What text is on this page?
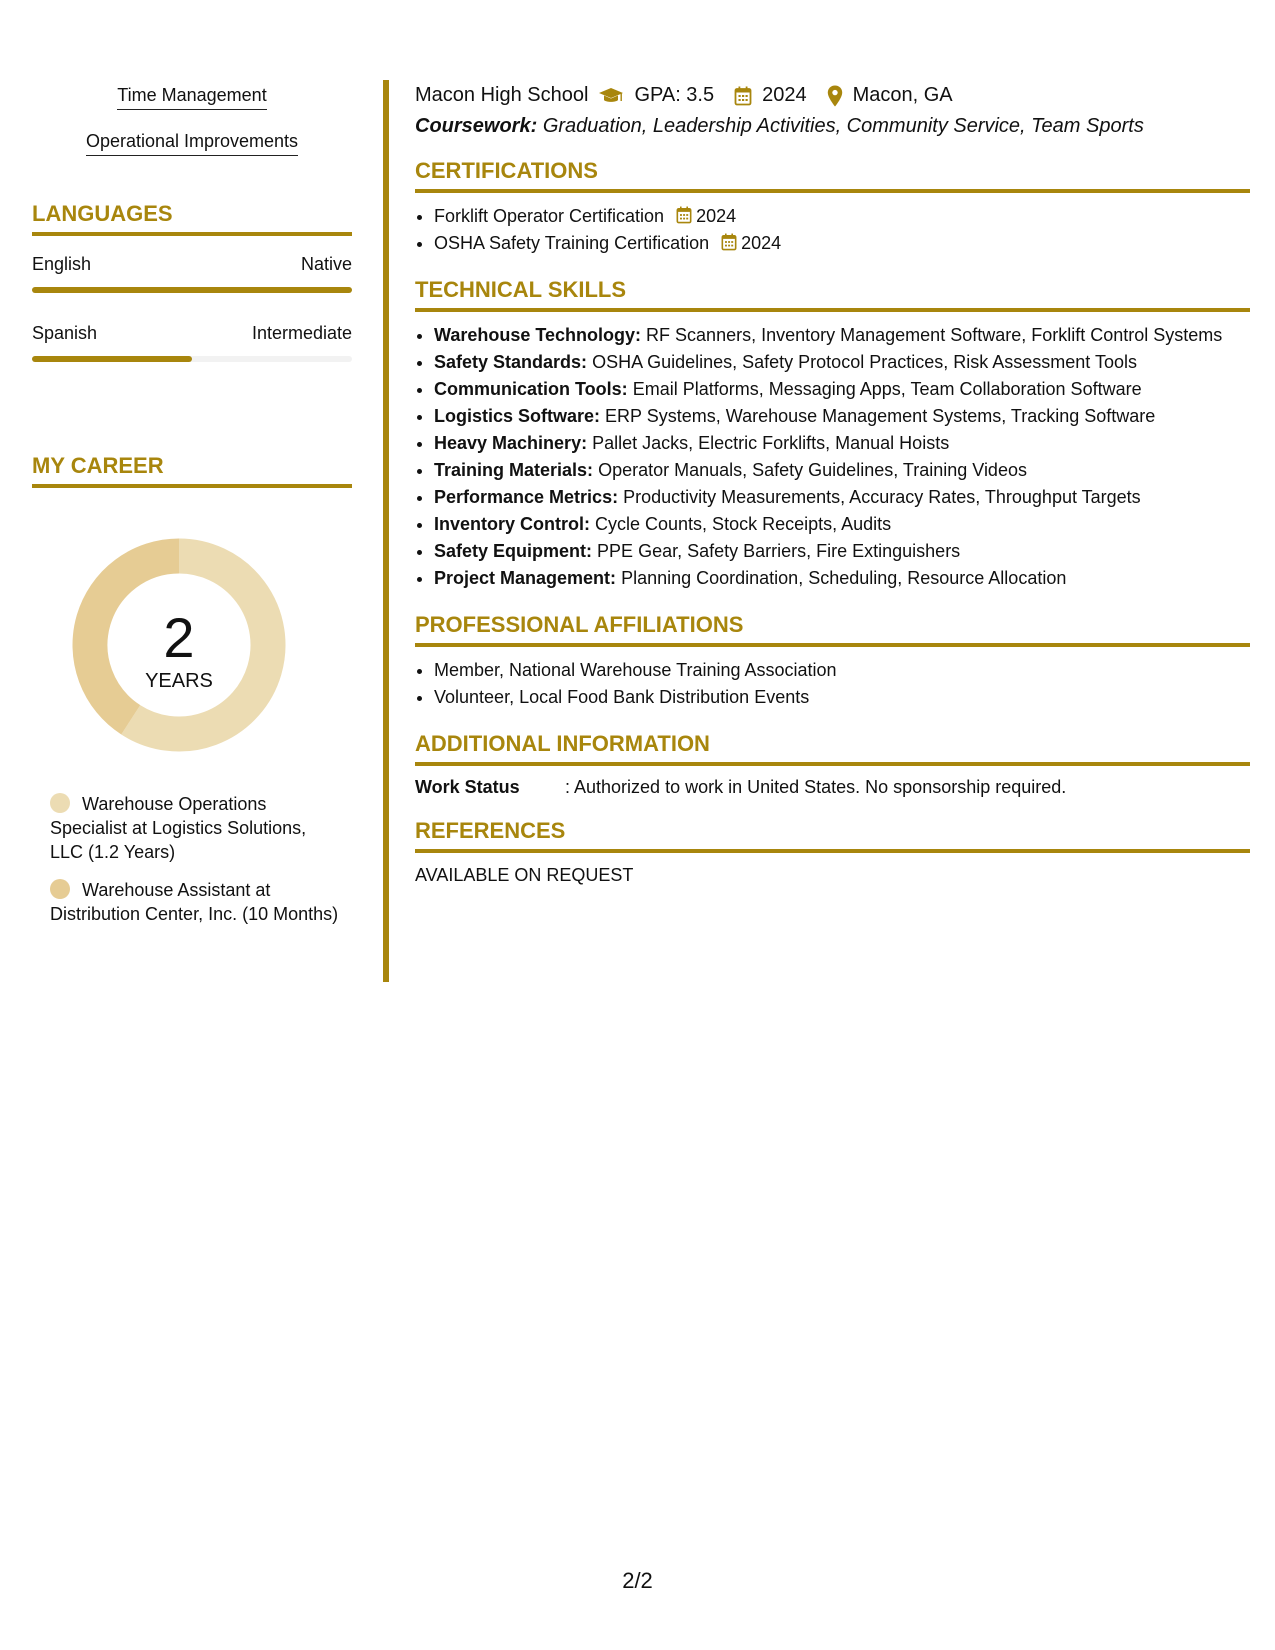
Time Management
Operational Improvements
LANGUAGES
English	Native
Spanish	Intermediate
MY CAREER
2
YEARS
Warehouse Operations Specialist at Logistics Solutions, LLC (1.2 Years)
Warehouse Assistant at Distribution Center, Inc. (10 Months)
Macon High School GPA: 3.5 2024 Macon, GA
Coursework: Graduation, Leadership Activities, Community Service, Team Sports
CERTIFICATIONS
• Forklift Operator Certification 2024
• OSHA Safety Training Certification 2024
TECHNICAL SKILLS
• Warehouse Technology: RF Scanners, Inventory Management Software, Forklift Control Systems
• Safety Standards: OSHA Guidelines, Safety Protocol Practices, Risk Assessment Tools
• Communication Tools: Email Platforms, Messaging Apps, Team Collaboration Software
• Logistics Software: ERP Systems, Warehouse Management Systems, Tracking Software
• Heavy Machinery: Pallet Jacks, Electric Forklifts, Manual Hoists
• Training Materials: Operator Manuals, Safety Guidelines, Training Videos
• Performance Metrics: Productivity Measurements, Accuracy Rates, Throughput Targets
• Inventory Control: Cycle Counts, Stock Receipts, Audits
• Safety Equipment: PPE Gear, Safety Barriers, Fire Extinguishers
• Project Management: Planning Coordination, Scheduling, Resource Allocation
PROFESSIONAL AFFILIATIONS
• Member, National Warehouse Training Association
• Volunteer, Local Food Bank Distribution Events
ADDITIONAL INFORMATION
Work Status	: Authorized to work in United States. No sponsorship required.
REFERENCES
AVAILABLE ON REQUEST
2/2
